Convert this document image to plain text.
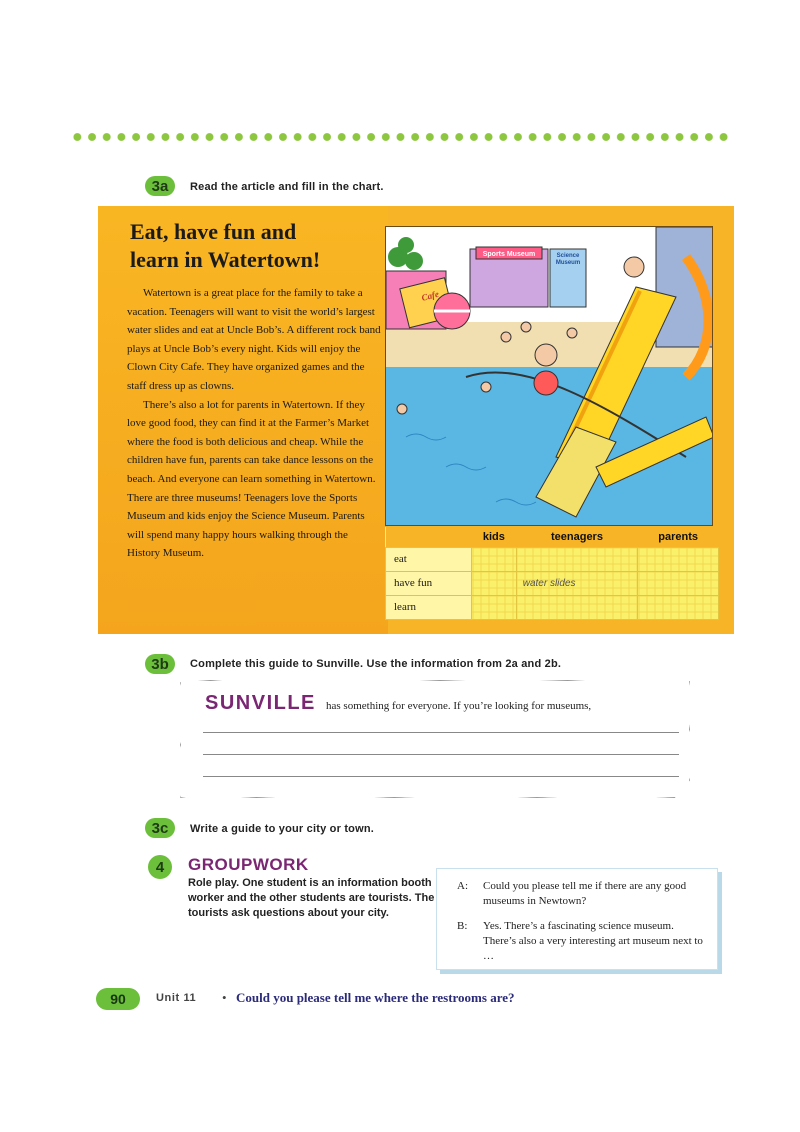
3a	Read the article and fill in the chart.
Eat, have fun and
learn in Watertown!

Watertown is a great place for the family to take a vacation. Teenagers will want to visit the world’s largest water slides and eat at Uncle Bob’s. A different rock band plays at Uncle Bob’s every night. Kids will enjoy the Clown City Cafe. They have organized games and the staff dress up as clowns.

There’s also a lot for parents in Watertown. If they love good food, they can find it at the Farmer’s Market where the food is both delicious and cheap. While the children have fun, parents can take dance lessons on the beach. And everyone can learn something in Watertown. There are three museums! Teenagers love the Sports Museum and kids enjoy the Science Museum. Parents will spend many happy hours walking through the History Museum.

Sports Museum	Science
Museum
Cafe
	kids	teenagers	parents
eat			
have fun		water slides	
learn			
3b	Complete this guide to Sunville. Use the information from 2a and 2b.
SUNVILLE has something for everyone. If you’re looking for museums,
3c	Write a guide to your city or town.
4	GROUPWORK
Role play. One student is an information booth worker and the other students are tourists. The tourists ask questions about your city.
A: Could you please tell me if there are any good museums in Newtown?
B: Yes. There’s a fascinating science museum. There’s also a very interesting art museum next to …
90	Unit 11 • Could you please tell me where the restrooms are?
